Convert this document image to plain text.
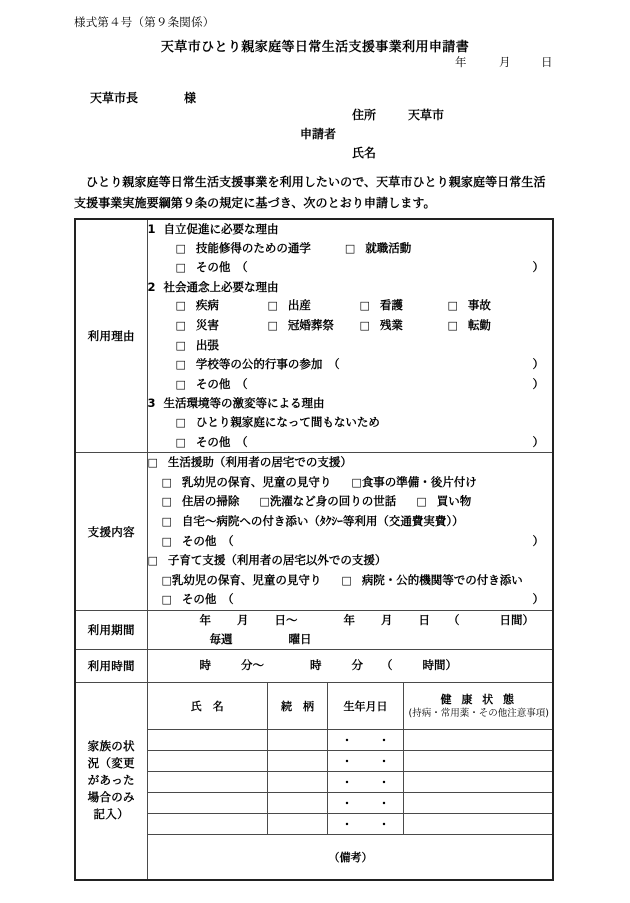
様式第４号（第９条関係）
天草市ひとり親家庭等日常生活支援事業利用申請書
年	月	日
天草市長	様
住所	天草市
申請者
氏名
ひとり親家庭等日常生活支援事業を利用したいので、天草市ひとり親家庭等日常生活支援事業実施要綱第９条の規定に基づき、次のとおり申請します。
利用理由	
1 自立促進に必要な理由
□ 技能修得のための通学	□ 就職活動
□ その他　（	）
2 社会通念上必要な理由
□ 疾病	□ 出産	□ 看護	□ 事故
□ 災害	□ 冠婚葬祭 □ 残業	□ 転勤
□ 出張
□ 学校等の公的行事の参加　（	）
□ その他　（	）
3 生活環境等の激変等による理由
□ ひとり親家庭になって間もないため
□ その他　（	）

支援内容	
□ 生活援助（利用者の居宅での支援）
□ 乳幼児の保育、児童の見守り □食事の準備・後片付け
□ 住居の掃除 □洗濯など身の回りの世話 □ 買い物
□ 自宅～病院への付き添い（ﾀｸｼｰ等利用（交通費実費））
□ その他　（	）
□ 子育て支援（利用者の居宅以外での支援）
□乳幼児の保育、児童の見守り □ 病院・公的機関等での付き添い
□ その他　（	）

利用期間	
年 月 日～	年 月 日 （	日間）
毎週	曜日

利用時間	時	分～	時	分 （	時間）

家族の状況（変更があった場合のみ記入）	
氏　名	続　柄	生年月日	健 康 状 態
(持病・常用薬・その他注意事項)

		・ ・	
		・ ・	
		・ ・	
		・ ・	
		・ ・	
（備考）
